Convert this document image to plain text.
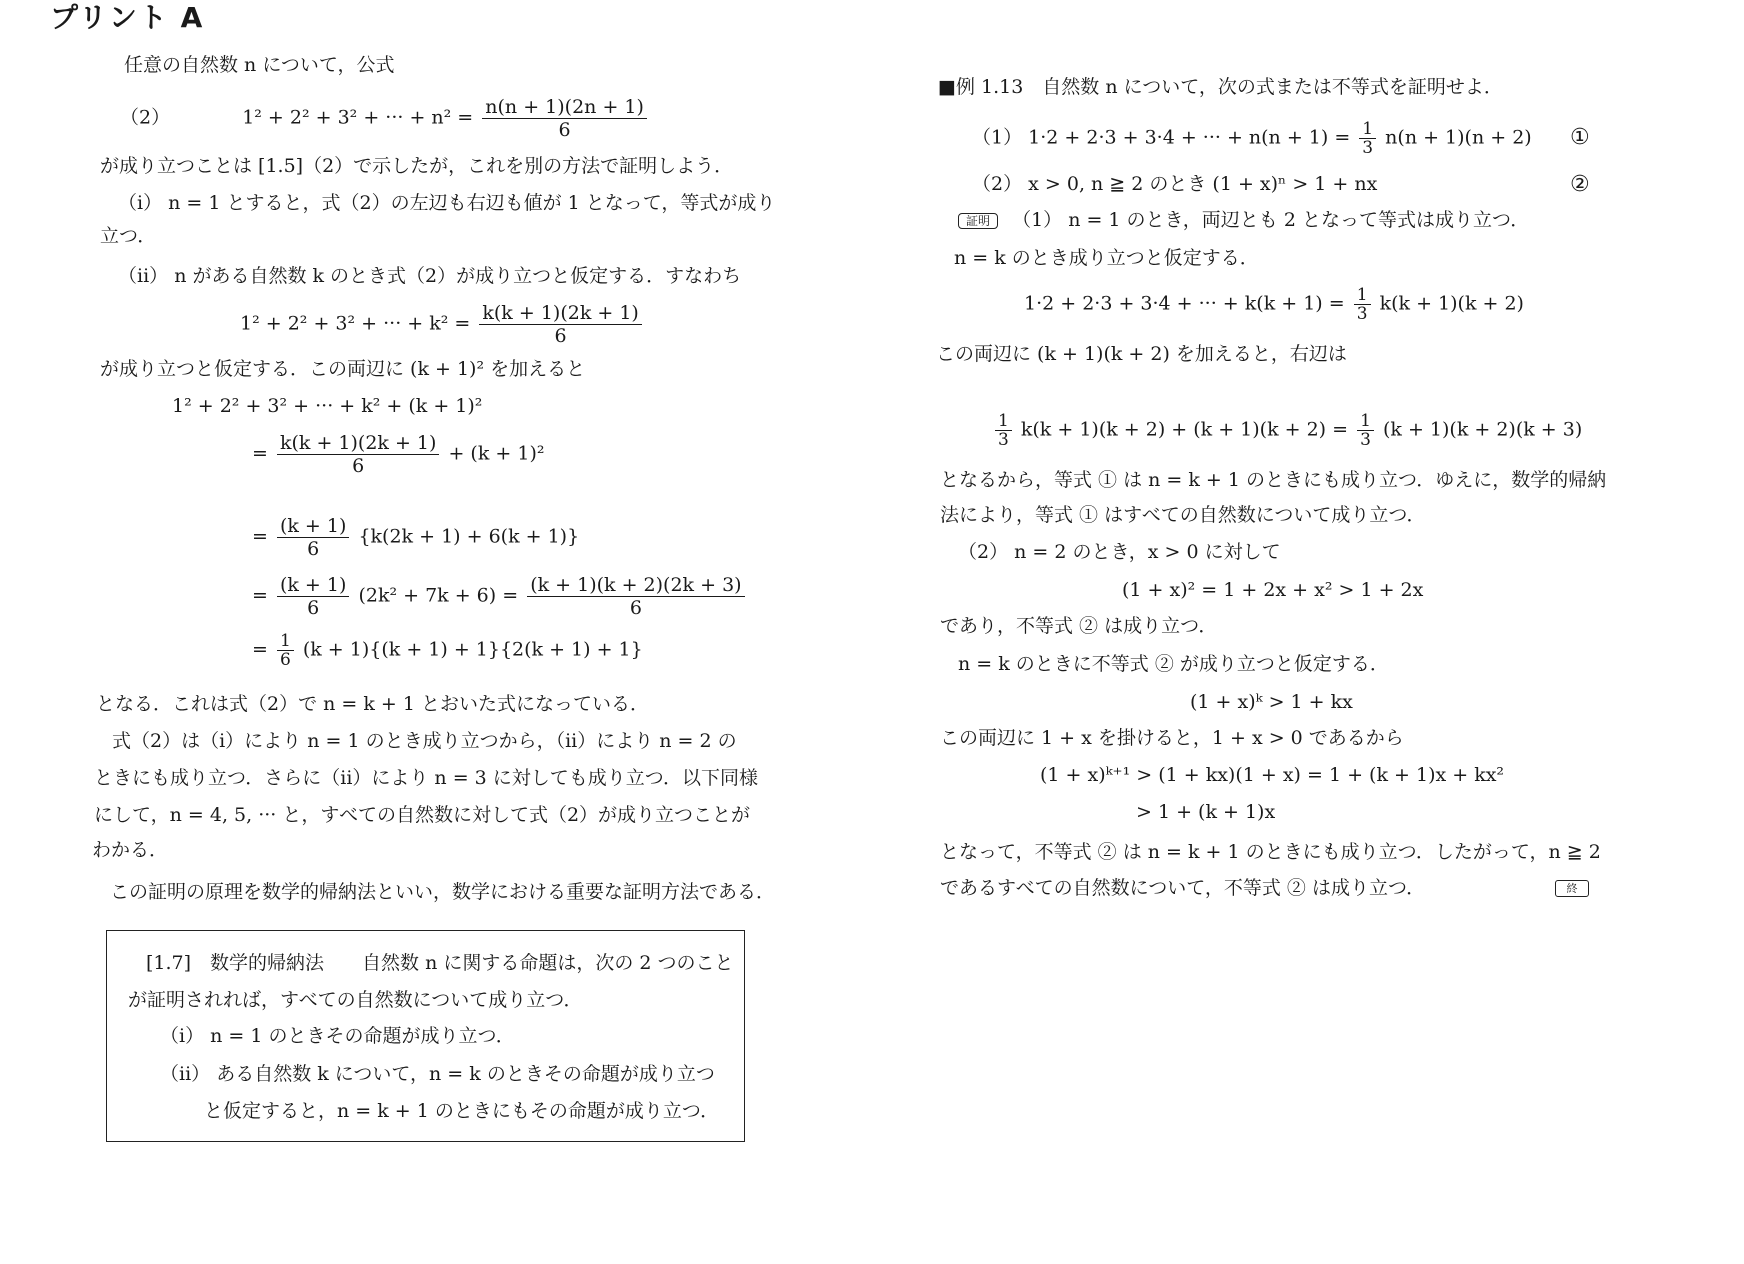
プリント A
任意の自然数 n について，公式
（2）	1² + 2² + 3² + ··· + $n^2 = \frac{n(n + 1)(2n + 1)}{6}$
が成り立つことは [1.5]（2）で示したが，これを別の方法で証明しよう．
（i） n = 1 とすると，式（2）の左辺も右辺も値が 1 となって，等式が成り
立つ．
（ii） n がある自然数 k のとき式（2）が成り立つと仮定する．すなわち
1² + 2² + 3² + ··· + $k^2 = \frac{k(k + 1)(2k + 1)}{6}$
が成り立つと仮定する．この両辺に (k + 1)² を加えると
1² + 2² + 3² + ··· + k² + (k + 1)²
= $\frac{k(k + 1)(2k + 1)}{6} + (k + 1)^2$
= $\frac{(k + 1)}{6} \{k(2k + 1) + 6(k + 1)\}$
= $\frac{(k + 1)}{6} (2k^2 + 7k + 6) = \frac{(k + 1)(k + 2)(2k + 3)}{6}$
= $\frac{1}{6} (k + 1)\{(k + 1) + 1\}\{2(k + 1) + 1\}$
となる．これは式（2）で n = k + 1 とおいた式になっている．
式（2）は（i）により n = 1 のとき成り立つから，（ii）により n = 2 の
ときにも成り立つ．さらに（ii）により n = 3 に対しても成り立つ．以下同様
にして，n = 4, 5, ··· と，すべての自然数に対して式（2）が成り立つことが
わかる．
この証明の原理を数学的帰納法といい，数学における重要な証明方法である．
[1.7]　数学的帰納法　　自然数 n に関する命題は，次の 2 つのこと
が証明されれば，すべての自然数について成り立つ．
（i） n = 1 のときその命題が成り立つ．
（ii） ある自然数 k について，n = k のときその命題が成り立つ
と仮定すると，n = k + 1 のときにもその命題が成り立つ．
■例 1.13　自然数 n について，次の式または不等式を証明せよ．
（1） 1·2 + 2·3 + 3·4 + ··· + $n(n + 1) = \frac{1}{3} n(n + 1)(n + 2)$ ①
（2） x > 0, n ≧ 2 のとき (1 + x)ⁿ > 1 + nx	②
証明 （1） n = 1 のとき，両辺とも 2 となって等式は成り立つ．
n = k のとき成り立つと仮定する．
1·2 + 2·3 + 3·4 + ··· + $k(k + 1) = \frac{1}{3} k(k + 1)(k + 2)$
この両辺に (k + 1)(k + 2) を加えると，右辺は
$\frac{1}{3} k(k + 1)(k + 2) + (k + 1)(k + 2) = \frac{1}{3} (k + 1)(k + 2)(k + 3)$
となるから，等式 ① は n = k + 1 のときにも成り立つ．ゆえに，数学的帰納
法により，等式 ① はすべての自然数について成り立つ．
（2） n = 2 のとき，x > 0 に対して
(1 + x)² = 1 + 2x + x² > 1 + 2x
であり，不等式 ② は成り立つ．
n = k のときに不等式 ② が成り立つと仮定する．
(1 + x)ᵏ > 1 + kx
この両辺に 1 + x を掛けると，1 + x > 0 であるから
(1 + x)ᵏ⁺¹ > (1 + kx)(1 + x) = 1 + (k + 1)x + kx²
> 1 + (k + 1)x
となって，不等式 ② は n = k + 1 のときにも成り立つ．したがって，n ≧ 2
であるすべての自然数について，不等式 ② は成り立つ．	終
